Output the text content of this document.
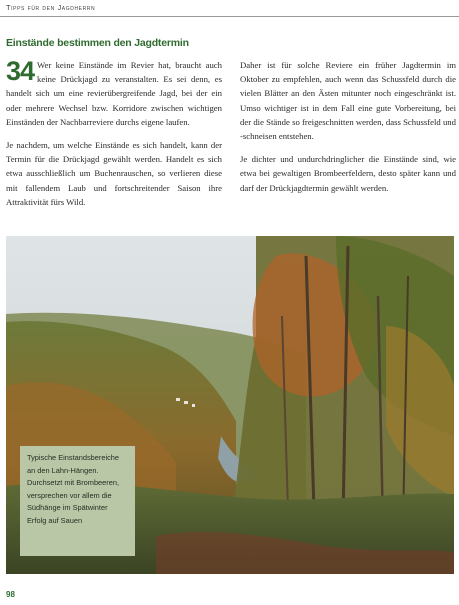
Tipps für den Jagdherrn
Einstände bestimmen den Jagdtermin

34 Wer keine Einstände im Revier hat, braucht auch keine Drückjagd zu veranstalten. Es sei denn, es handelt sich um eine revierübergreifende Jagd, bei der ein oder mehrere Wechsel bzw. Korridore zwischen wichtigen Einständen der Nachbarreviere durchs eigene laufen.

Je nachdem, um welche Einstände es sich handelt, kann der Termin für die Drückjagd gewählt werden. Handelt es sich etwa ausschließlich um Buchenrauschen, so verlieren diese mit fallendem Laub und fortschreitender Saison ihre Attraktivität fürs Wild.

Daher ist für solche Reviere ein früher Jagdtermin im Oktober zu empfehlen, auch wenn das Schussfeld durch die vielen Blätter an den Ästen mitunter noch eingeschränkt ist. Umso wichtiger ist in dem Fall eine gute Vorbereitung, bei der die Stände so freigeschnitten werden, dass Schussfeld und -schneisen entstehen.

Je dichter und undurchdringlicher die Einstände sind, wie etwa bei gewaltigen Brombeerfeldern, desto später kann und darf der Drückjagdtermin gewählt werden.

Typische Einstandsbereiche an den Lahn-Hängen. Durchsetzt mit Brombeeren, versprechen vor allem die Südhänge im Spätwinter Erfolg auf Sauen
98
